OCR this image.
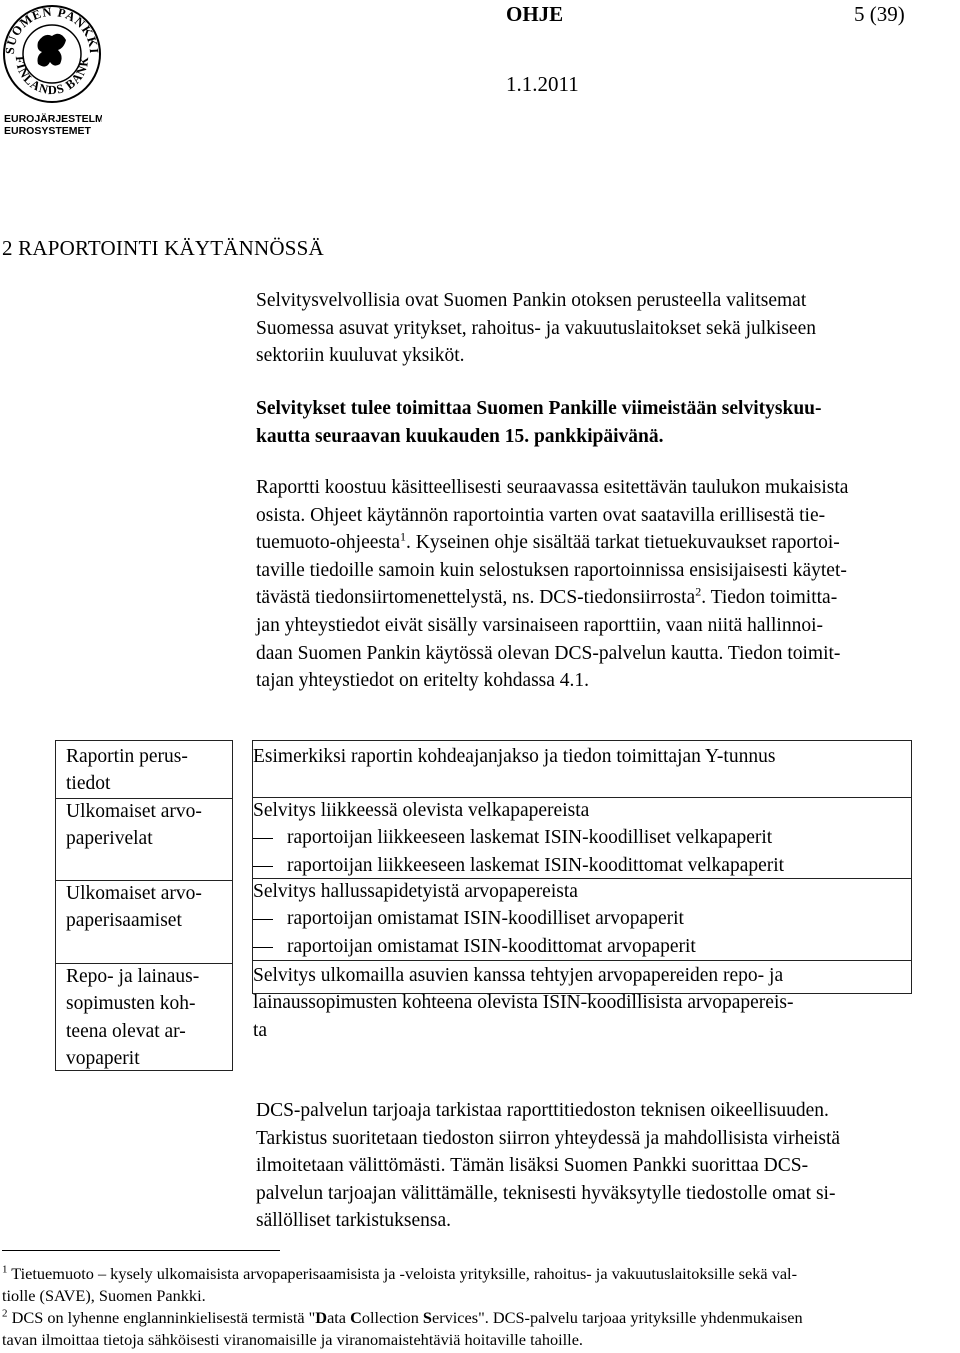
SUOMEN PANKKI
FINLANDS BANK
EUROJÄRJESTELMÄ
EUROSYSTEMET
OHJE	5 (39)
1.1.2011
2 RAPORTOINTI KÄYTÄNNÖSSÄ

Selvitysvelvollisia ovat Suomen Pankin otoksen perusteella valitsemat
Suomessa asuvat yritykset, rahoitus- ja vakuutuslaitokset sekä julkiseen
sektoriin kuuluvat yksiköt.

Selvitykset tulee toimittaa Suomen Pankille viimeistään selvityskuu-
kautta seuraavan kuukauden 15. pankkipäivänä.

Raportti koostuu käsitteellisesti seuraavassa esitettävän taulukon mukaisista
osista. Ohjeet käytännön raportointia varten ovat saatavilla erillisestä tie-
tuemuoto-ohjeesta$^1$. Kyseinen ohje sisältää tarkat tietuekuvaukset raportoi-
taville tiedoille samoin kuin selostuksen raportoinnissa ensisijaisesti käytet-
tävästä tiedonsiirtomenettelystä, ns. DCS-tiedonsiirrosta$^2$. Tiedon toimitta-
jan yhteystiedot eivät sisälly varsinaiseen raporttiin, vaan niitä hallinnoi-
daan Suomen Pankin käytössä olevan DCS-palvelun kautta. Tiedon toimit-
tajan yhteystiedot on eritelty kohdassa 4.1.

Raportin perus-
tiedot
Ulkomaiset arvo-
paperivelat
Ulkomaiset arvo-
paperisaamiset
Repo- ja lainaus-
sopimusten koh-
teena olevat ar-
vopaperit
Esimerkiksi raportin kohdeajanjakso ja tiedon toimittajan Y-tunnus
Selvitys liikkeessä olevista velkapapereista
raportoijan liikkeeseen laskemat ISIN-koodilliset velkapaperit
raportoijan liikkeeseen laskemat ISIN-koodittomat velkapaperit
Selvitys hallussapidetyistä arvopapereista
raportoijan omistamat ISIN-koodilliset arvopaperit
raportoijan omistamat ISIN-koodittomat arvopaperit
Selvitys ulkomailla asuvien kanssa tehtyjen arvopapereiden repo- ja
lainaussopimusten kohteena olevista ISIN-koodillisista arvopapereis-
ta

DCS-palvelun tarjoaja tarkistaa raporttitiedoston teknisen oikeellisuuden.
Tarkistus suoritetaan tiedoston siirron yhteydessä ja mahdollisista virheistä
ilmoitetaan välittömästi. Tämän lisäksi Suomen Pankki suorittaa DCS-
palvelun tarjoajan välittämälle, teknisesti hyväksytylle tiedostolle omat si-
sällölliset tarkistuksensa.

$^1$ Tietuemuoto – kysely ulkomaisista arvopaperisaamisista ja -veloista yrityksille, rahoitus- ja vakuutuslaitoksille sekä val-
tiolle (SAVE), Suomen Pankki.

$^2$ DCS on lyhenne englanninkielisestä termistä "Data Collection Services". DCS-palvelu tarjoaa yrityksille yhdenmukaisen
tavan ilmoittaa tietoja sähköisesti viranomaisille ja viranomaistehtäviä hoitaville tahoille.
